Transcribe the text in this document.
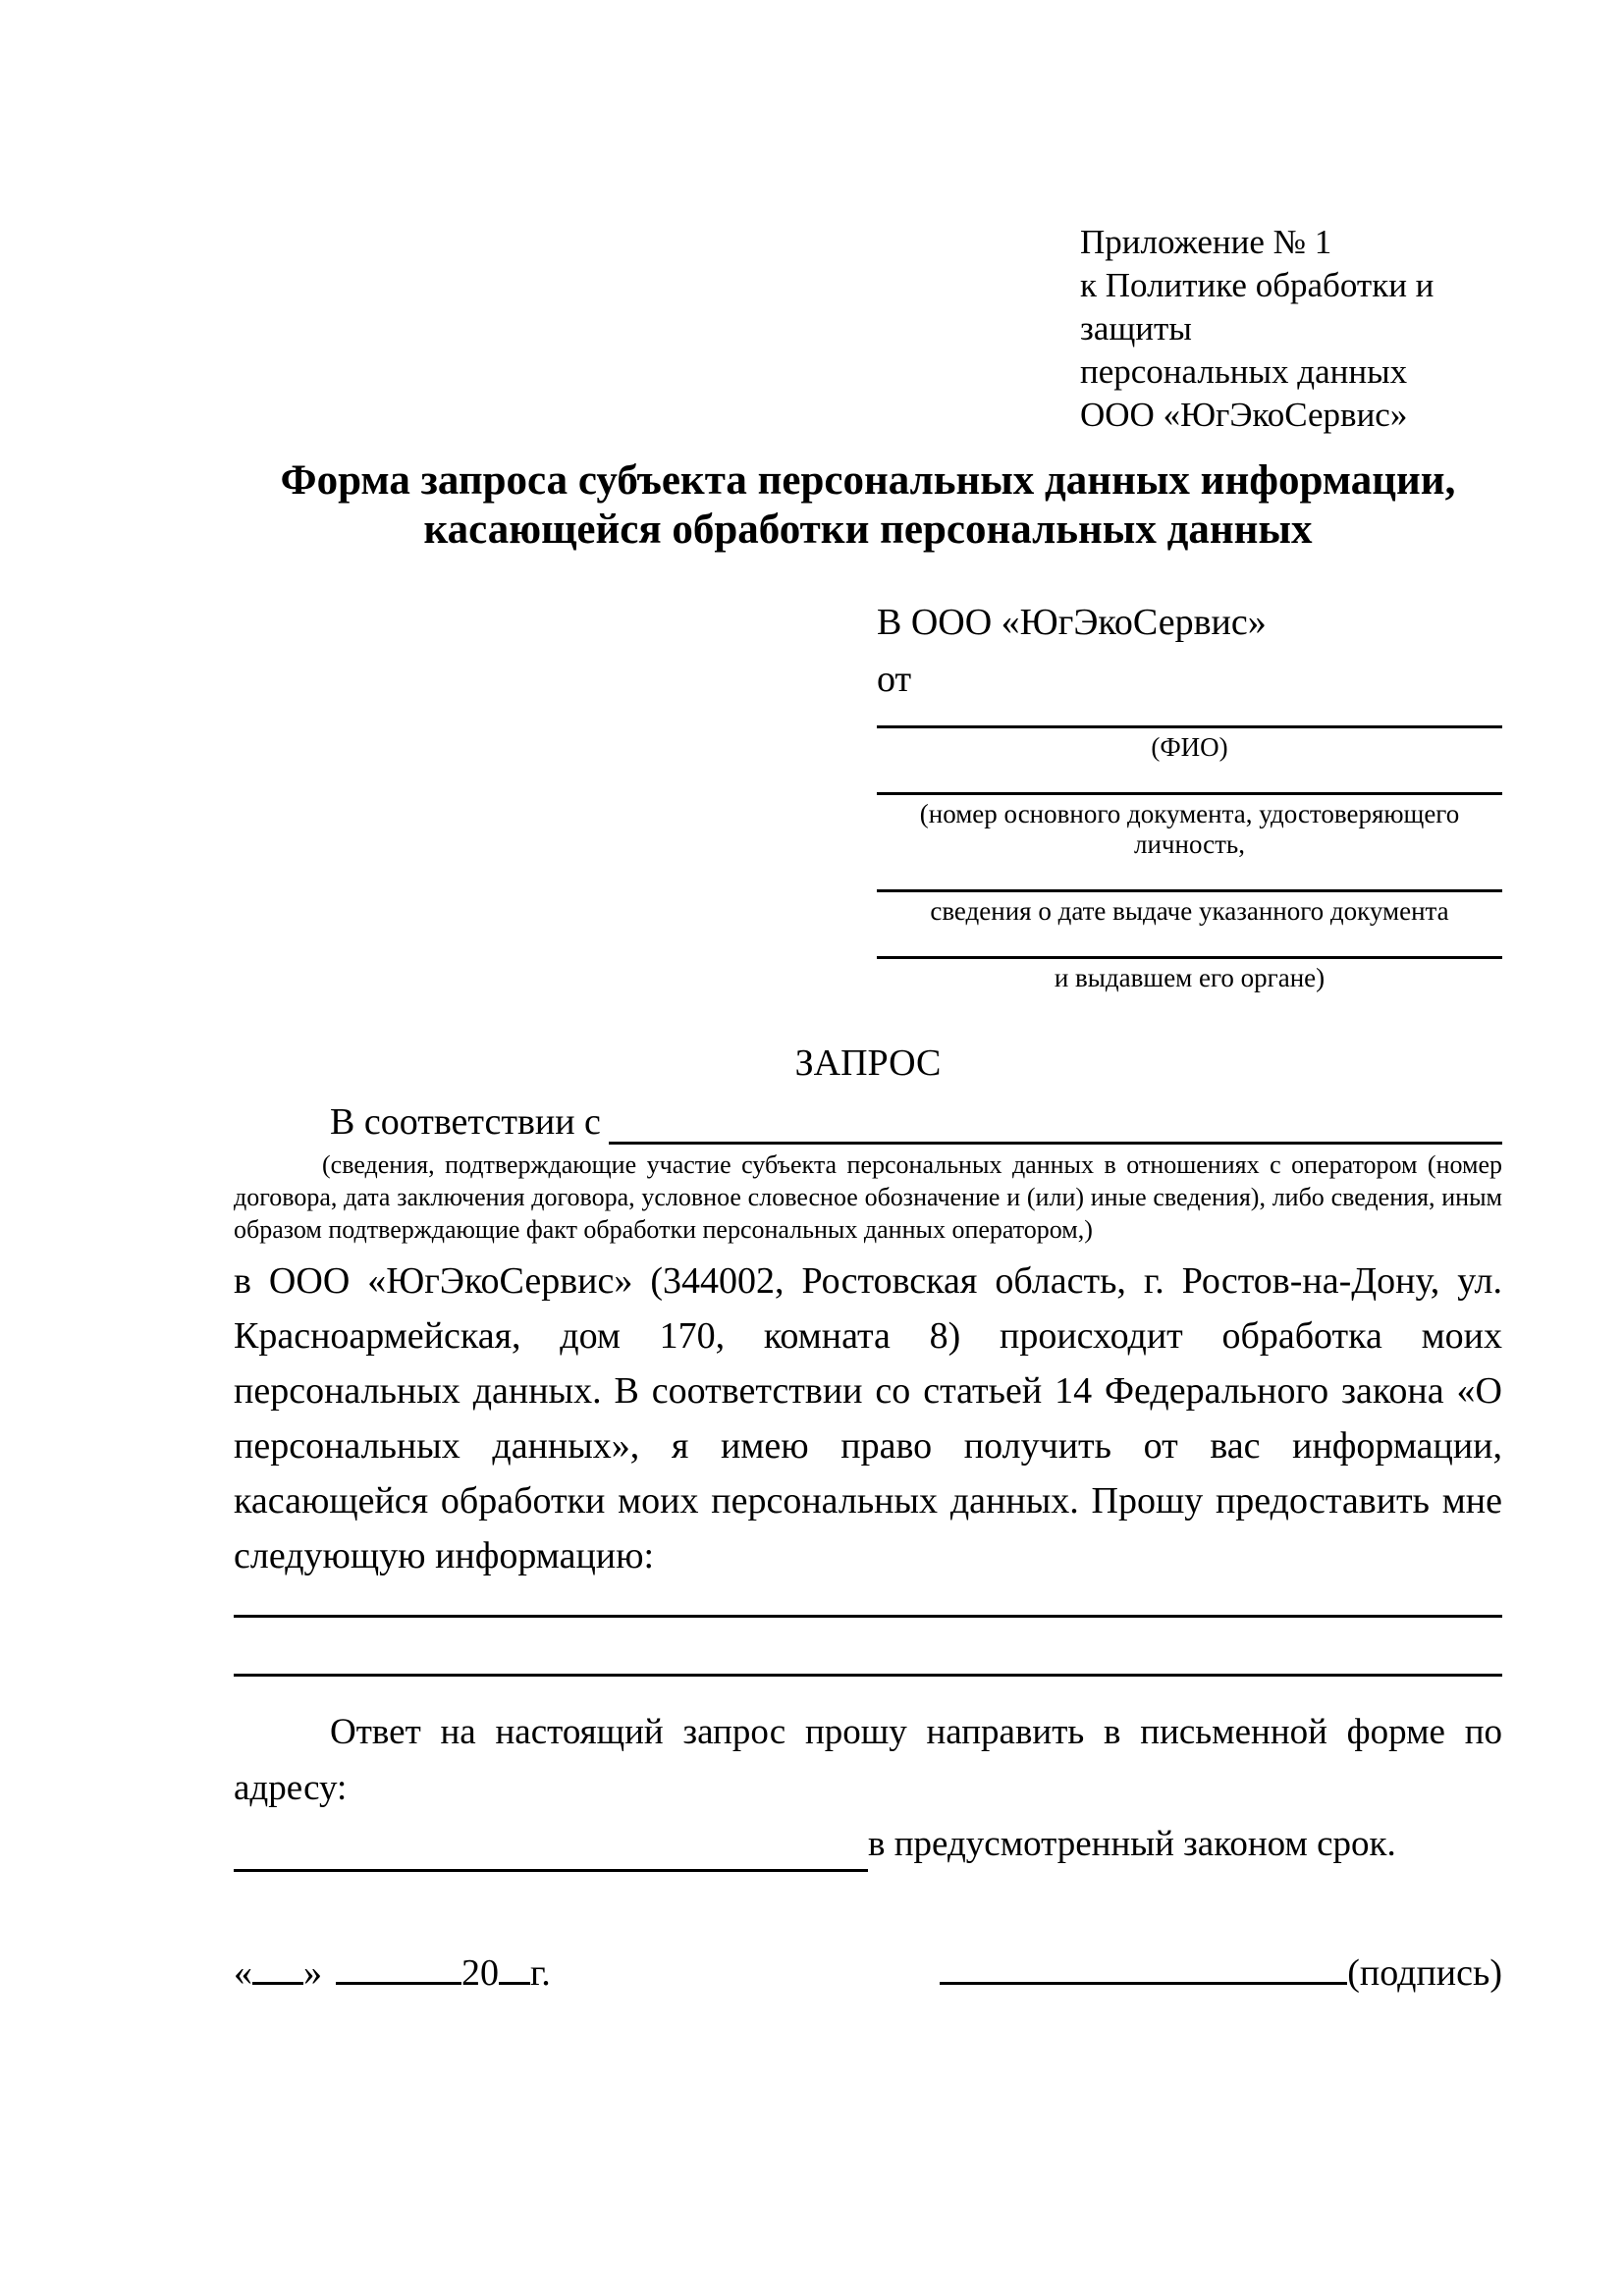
Приложение № 1
к Политике обработки и защиты
персональных данных
ООО «ЮгЭкоСервис»
Форма запроса субъекта персональных данных информации,
касающейся обработки персональных данных
В ООО «ЮгЭкоСервис»
от
(ФИО)
(номер основного документа, удостоверяющего личность,
сведения о дате выдаче указанного документа
и выдавшем его органе)
ЗАПРОС
В соответствии с
(сведения, подтверждающие участие субъекта персональных данных в отношениях с оператором (номер договора, дата заключения договора, условное словесное обозначение и (или) иные сведения), либо сведения, иным образом подтверждающие факт обработки персональных данных оператором,)
в ООО «ЮгЭкоСервис» (344002, Ростовская область, г. Ростов-на-Дону, ул. Красноармейская, дом 170, комната 8) происходит обработка моих персональных данных. В соответствии со статьей 14 Федерального закона «О персональных данных», я имею право получить от вас информации, касающейся обработки моих персональных данных. Прошу предоставить мне следующую информацию:
Ответ на настоящий запрос прошу направить в письменной форме по адресу:
в предусмотренный законом срок.
« »	20 г.	(подпись)
